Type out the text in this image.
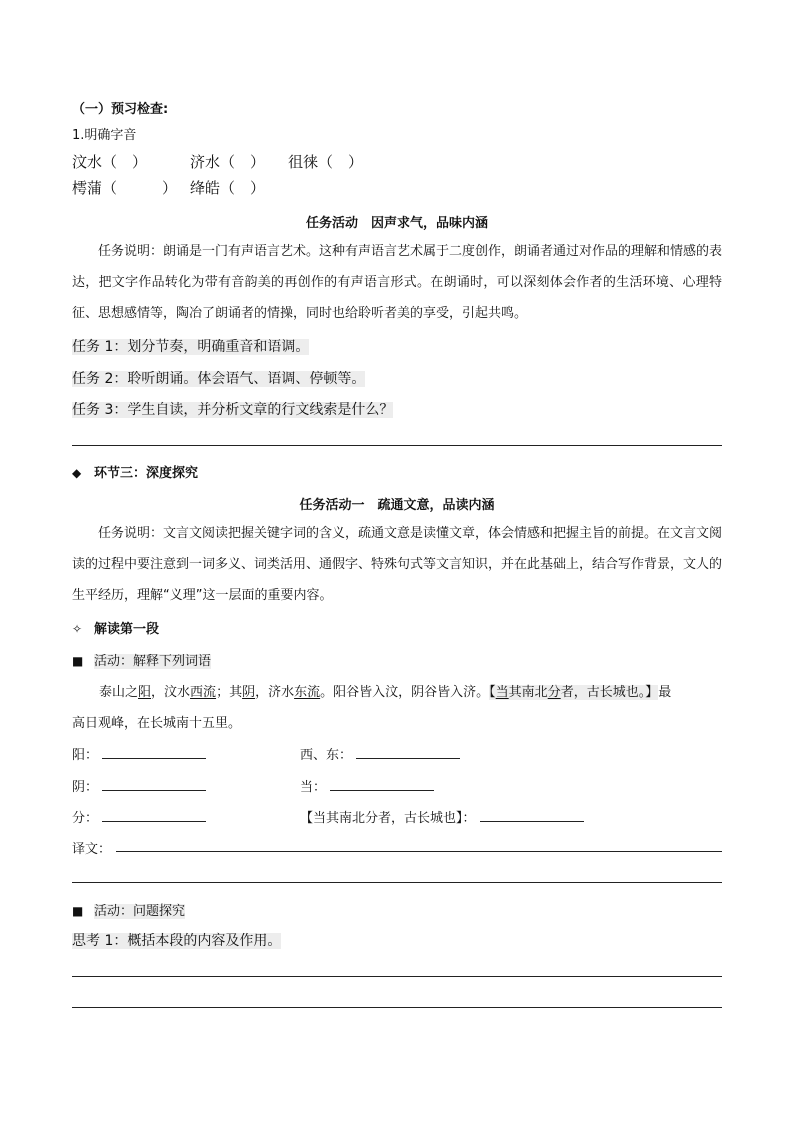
（一）预习检查:
1.明确字音
汶水（　）	济水（　） 徂徕（　）
樗蒲（　　　） 绛皓（　）
任务活动　因声求气，品味内涵
任务说明：朗诵是一门有声语言艺术。这种有声语言艺术属于二度创作，朗诵者通过对作品的理解和情感的表达，把文字作品转化为带有音韵美的再创作的有声语言形式。在朗诵时，可以深刻体会作者的生活环境、心理特征、思想感情等，陶冶了朗诵者的情操，同时也给聆听者美的享受，引起共鸣。
任务 1：划分节奏，明确重音和语调。
任务 2：聆听朗诵。体会语气、语调、停顿等。
任务 3：学生自读，并分析文章的行文线索是什么？
◆ 环节三：深度探究
任务活动一　疏通文意，品读内涵
任务说明：文言文阅读把握关键字词的含义，疏通文意是读懂文章，体会情感和把握主旨的前提。在文言文阅读的过程中要注意到一词多义、词类活用、通假字、特殊句式等文言知识，并在此基础上，结合写作背景，文人的生平经历，理解“义理”这一层面的重要内容。
✧ 解读第一段
■ 活动：解释下列词语
泰山之阳，汶水西流；其阴，济水东流。阳谷皆入汶，阴谷皆入济。【当其南北分者，古长城也。】最
高日观峰，在长城南十五里。
阳：	西、东：
阴：	当：
分：	【当其南北分者，古长城也】：
译文：
■ 活动：问题探究
思考 1：概括本段的内容及作用。
